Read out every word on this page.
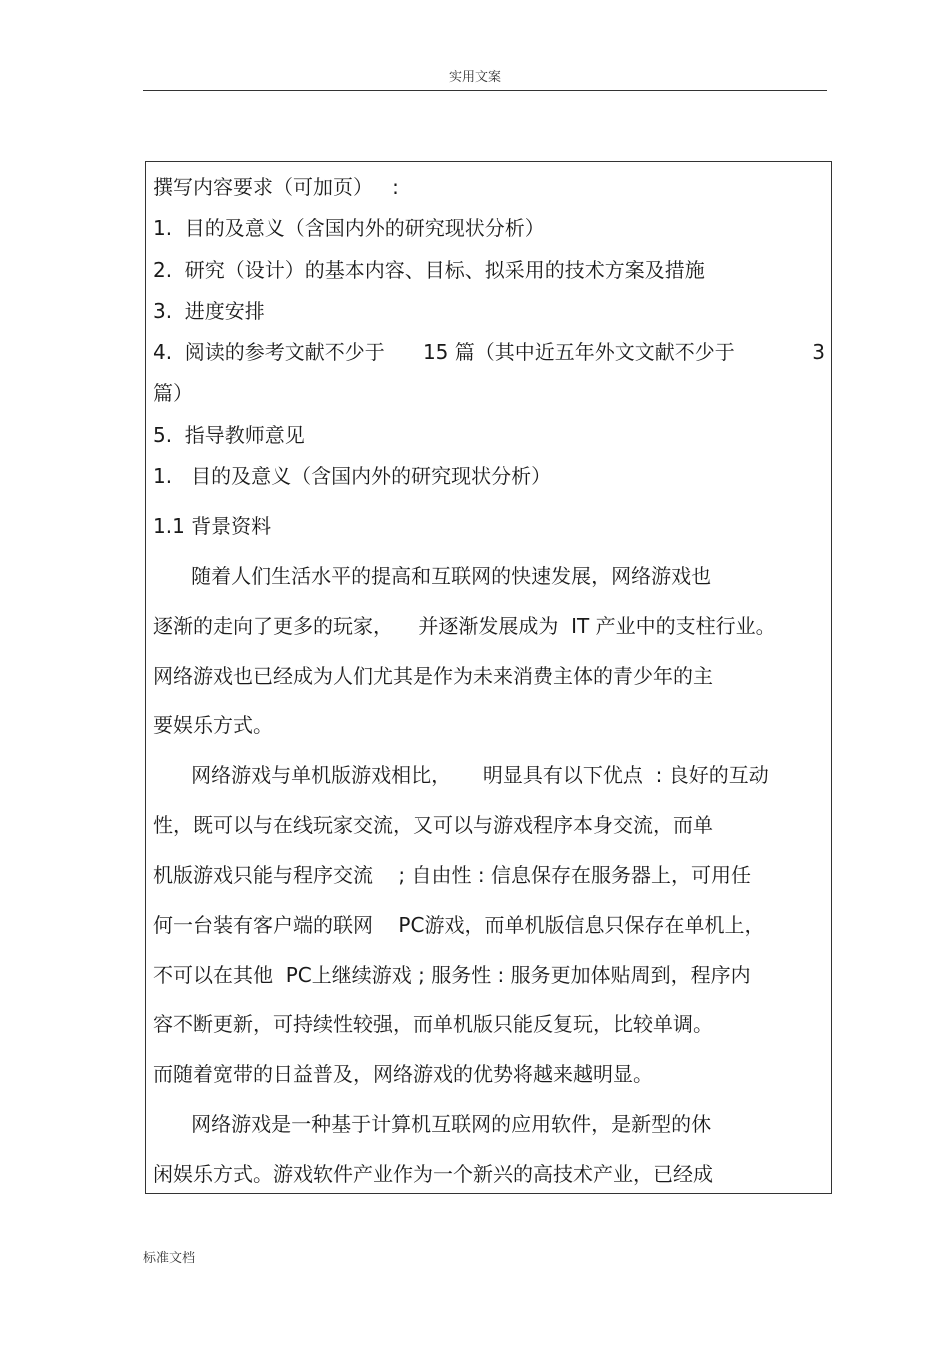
实用文案
撰写内容要求（可加页）   :
1.  目的及意义（含国内外的研究现状分析）
2.  研究（设计）的基本内容、目标、拟采用的技术方案及措施
3.  进度安排
4.  阅读的参考文献不少于      15 篇（其中近五年外文文献不少于	3
篇）
5.  指导教师意见
1.   目的及意义（含国内外的研究现状分析）
1.1 背景资料
随着人们生活水平的提高和互联网的快速发展，网络游戏也
逐渐的走向了更多的玩家，    并逐渐发展成为  IT 产业中的支柱行业。
网络游戏也已经成为人们尤其是作为未来消费主体的青少年的主
要娱乐方式。
网络游戏与单机版游戏相比，     明显具有以下优点  : 良好的互动
性，既可以与在线玩家交流，又可以与游戏程序本身交流，而单
机版游戏只能与程序交流    ; 自由性 : 信息保存在服务器上，可用任
何一台装有客户端的联网    PC游戏，而单机版信息只保存在单机上，
不可以在其他  PC上继续游戏 ; 服务性 : 服务更加体贴周到，程序内
容不断更新，可持续性较强，而单机版只能反复玩，比较单调。
而随着宽带的日益普及，网络游戏的优势将越来越明显。
网络游戏是一种基于计算机互联网的应用软件，是新型的休
闲娱乐方式。游戏软件产业作为一个新兴的高技术产业，已经成
标准文档
